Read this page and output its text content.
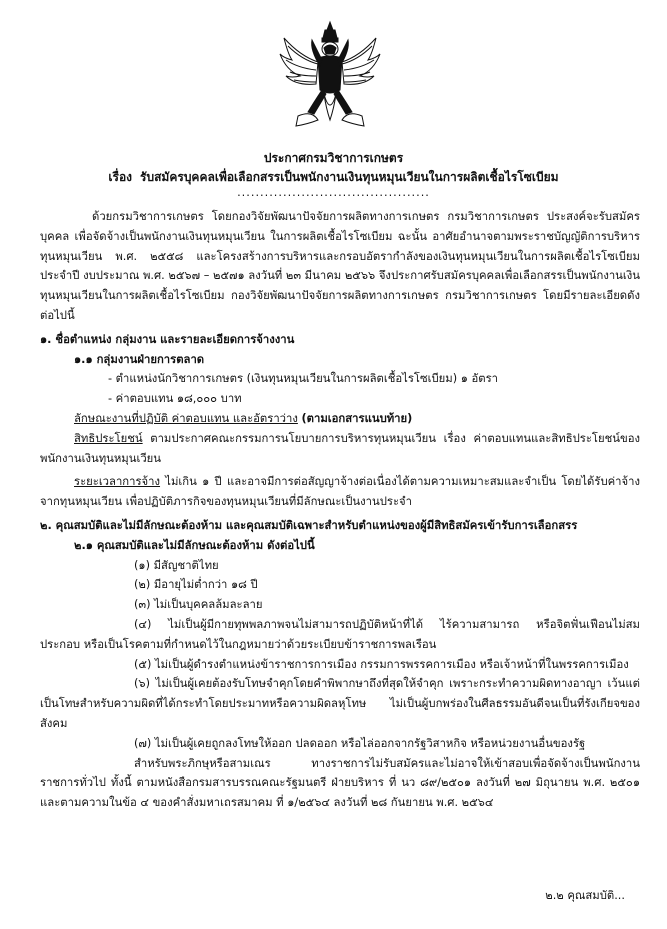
ประกาศกรมวิชาการเกษตร
เรื่อง รับสมัครบุคคลเพื่อเลือกสรรเป็นพนักงานเงินทุนหมุนเวียนในการผลิตเชื้อไรโซเบียม
..........................................

ด้วยกรมวิชาการเกษตร โดยกองวิจัยพัฒนาปัจจัยการผลิตทางการเกษตร กรมวิชาการเกษตร ประสงค์จะรับสมัครบุคคล เพื่อจัดจ้างเป็นพนักงานเงินทุนหมุนเวียน ในการผลิตเชื้อไรโซเบียม ฉะนั้น อาศัยอำนาจตามพระราชบัญญัติการบริหารทุนหมุนเวียน พ.ศ. ๒๕๕๘ และโครงสร้างการบริหารและกรอบอัตรากำลังของเงินทุนหมุนเวียนในการผลิตเชื้อไรโซเบียม ประจำปี งบประมาณ พ.ศ. ๒๕๖๗ – ๒๕๗๑ ลงวันที่ ๒๓ มีนาคม ๒๕๖๖ จึงประกาศรับสมัครบุคคลเพื่อเลือกสรรเป็นพนักงานเงินทุนหมุนเวียนในการผลิตเชื้อไรโซเบียม กองวิจัยพัฒนาปัจจัยการผลิตทางการเกษตร กรมวิชาการเกษตร โดยมีรายละเอียดดังต่อไปนี้

๑. ชื่อตำแหน่ง กลุ่มงาน และรายละเอียดการจ้างงาน

๑.๑ กลุ่มงานฝ่ายการตลาด

- ตำแหน่งนักวิชาการเกษตร (เงินทุนหมุนเวียนในการผลิตเชื้อไรโซเบียม) ๑ อัตรา

- ค่าตอบแทน ๑๘,๐๐๐ บาท

ลักษณะงานที่ปฏิบัติ ค่าตอบแทน และอัตราว่าง (ตามเอกสารแนบท้าย)

สิทธิประโยชน์ ตามประกาศคณะกรรมการนโยบายการบริหารทุนหมุนเวียน เรื่อง ค่าตอบแทนและสิทธิประโยชน์ของพนักงานเงินทุนหมุนเวียน

ระยะเวลาการจ้าง ไม่เกิน ๑ ปี และอาจมีการต่อสัญญาจ้างต่อเนื่องได้ตามความเหมาะสมและจำเป็น โดยได้รับค่าจ้างจากทุนหมุนเวียน เพื่อปฏิบัติภารกิจของทุนหมุนเวียนที่มีลักษณะเป็นงานประจำ

๒. คุณสมบัติและไม่มีลักษณะต้องห้าม และคุณสมบัติเฉพาะสำหรับตำแหน่งของผู้มีสิทธิสมัครเข้ารับการเลือกสรร

๒.๑ คุณสมบัติและไม่มีลักษณะต้องห้าม ดังต่อไปนี้

(๑) มีสัญชาติไทย

(๒) มีอายุไม่ต่ำกว่า ๑๘ ปี

(๓) ไม่เป็นบุคคลล้มละลาย

(๔) ไม่เป็นผู้มีกายทุพพลภาพจนไม่สามารถปฏิบัติหน้าที่ได้ ไร้ความสามารถ หรือจิตฟั่นเฟือนไม่สมประกอบ หรือเป็นโรคตามที่กำหนดไว้ในกฎหมายว่าด้วยระเบียบข้าราชการพลเรือน

(๕) ไม่เป็นผู้ดำรงตำแหน่งข้าราชการการเมือง กรรมการพรรคการเมือง หรือเจ้าหน้าที่ในพรรคการเมือง

(๖) ไม่เป็นผู้เคยต้องรับโทษจำคุกโดยคำพิพากษาถึงที่สุดให้จำคุก เพราะกระทำความผิดทางอาญา เว้นแต่เป็นโทษสำหรับความผิดที่ได้กระทำโดยประมาทหรือความผิดลหุโทษ ไม่เป็นผู้บกพร่องในศีลธรรมอันดีจนเป็นที่รังเกียจของสังคม

(๗) ไม่เป็นผู้เคยถูกลงโทษให้ออก ปลดออก หรือไล่ออกจากรัฐวิสาหกิจ หรือหน่วยงานอื่นของรัฐ

สำหรับพระภิกษุหรือสามเณร ทางราชการไม่รับสมัครและไม่อาจให้เข้าสอบเพื่อจัดจ้างเป็นพนักงานราชการทั่วไป ทั้งนี้ ตามหนังสือกรมสารบรรณคณะรัฐมนตรี ฝ่ายบริหาร ที่ นว ๘๙/๒๕๐๑ ลงวันที่ ๒๗ มิถุนายน พ.ศ. ๒๕๐๑ และตามความในข้อ ๔ ของคำสั่งมหาเถรสมาคม ที่ ๑/๒๕๖๔ ลงวันที่ ๒๘ กันยายน พ.ศ. ๒๕๖๔

๒.๒ คุณสมบัติ...
